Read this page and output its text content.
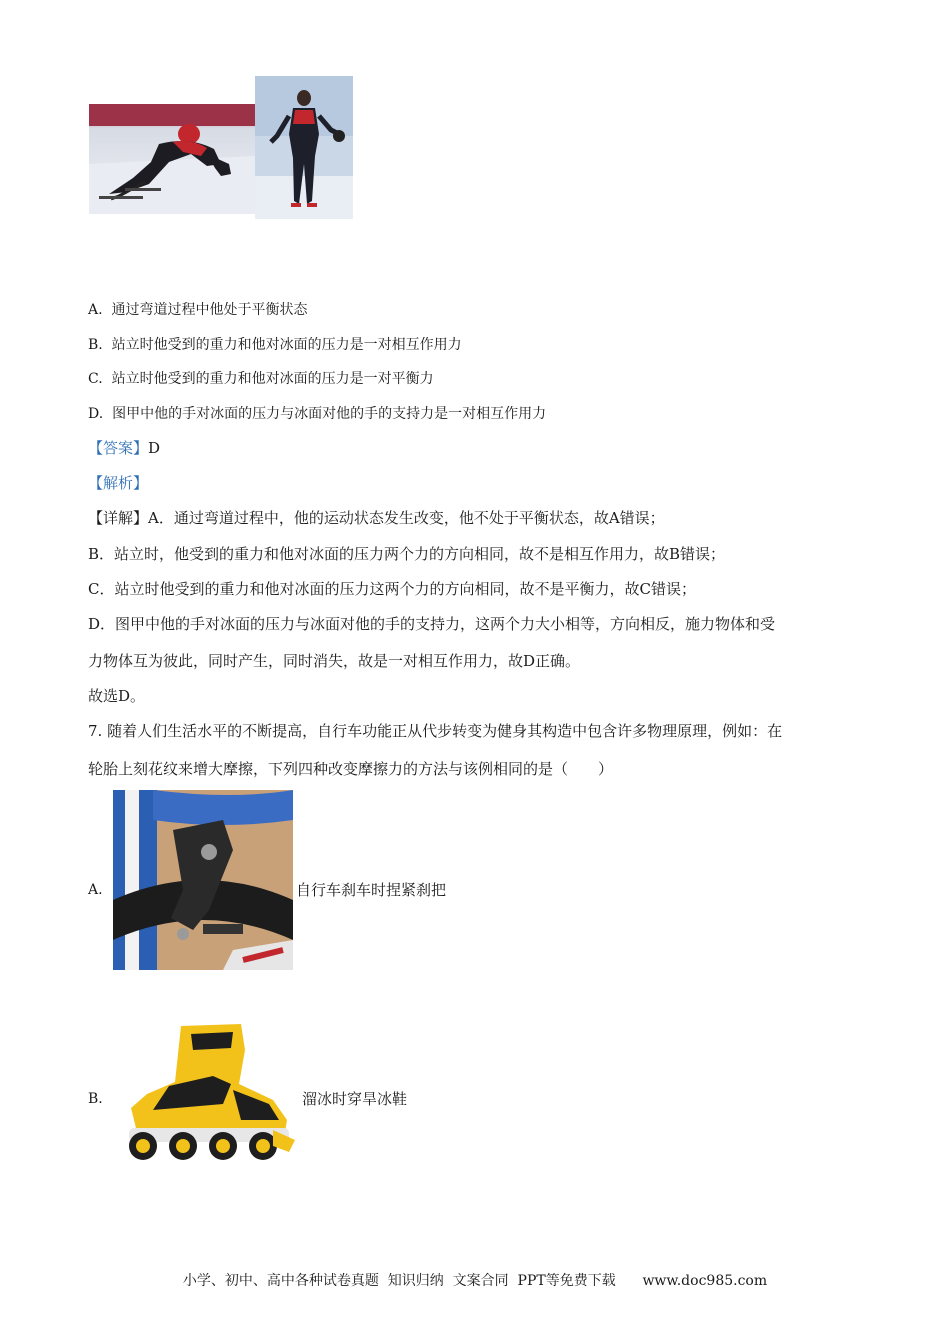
A. 通过弯道过程中他处于平衡状态
B. 站立时他受到的重力和他对冰面的压力是一对相互作用力
C. 站立时他受到的重力和他对冰面的压力是一对平衡力
D. 图甲中他的手对冰面的压力与冰面对他的手的支持力是一对相互作用力
【答案】D
【解析】
【详解】A．通过弯道过程中，他的运动状态发生改变，他不处于平衡状态，故A错误；
B．站立时，他受到的重力和他对冰面的压力两个力的方向相同，故不是相互作用力，故B错误；
C．站立时他受到的重力和他对冰面的压力这两个力的方向相同，故不是平衡力，故C错误；
D．图甲中他的手对冰面的压力与冰面对他的手的支持力，这两个力大小相等，方向相反，施力物体和受
力物体互为彼此，同时产生，同时消失，故是一对相互作用力，故D正确。
故选D。
7. 随着人们生活水平的不断提高，自行车功能正从代步转变为健身其构造中包含许多物理原理，例如：在
轮胎上刻花纹来增大摩擦，下列四种改变摩擦力的方法与该例相同的是（　　）
A.	自行车刹车时捏紧刹把
B.	溜冰时穿旱冰鞋
小学、初中、高中各种试卷真题  知识归纳  文案合同  PPT等免费下载      www.doc985.com
